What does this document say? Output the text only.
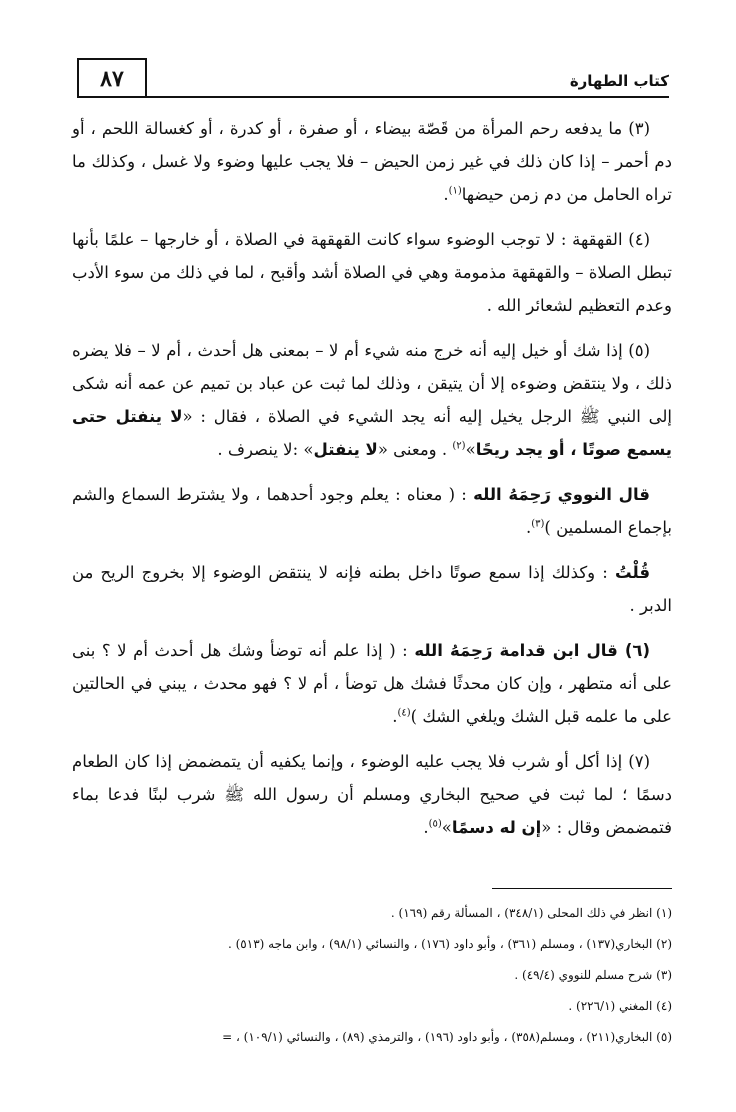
٨٧	كتاب الطهارة

(٣) ما يدفعه رحم المرأة من قَصّة بيضاء ، أو صفرة ، أو كدرة ، أو كغسالة اللحم ، أو دم أحمر – إذا كان ذلك في غير زمن الحيض – فلا يجب عليها وضوء ولا غسل ، وكذلك ما تراه الحامل من دم زمن حيضها$^{(١)}$.

(٤) القهقهة : لا توجب الوضوء سواء كانت القهقهة في الصلاة ، أو خارجها – علمًا بأنها تبطل الصلاة – والقهقهة مذمومة وهي في الصلاة أشد وأقبح ، لما في ذلك من سوء الأدب وعدم التعظيم لشعائر الله .

(٥) إذا شك أو خيل إليه أنه خرج منه شيء أم لا – بمعنى هل أحدث ، أم لا – فلا يضره ذلك ، ولا ينتقض وضوءه إلا أن يتيقن ، وذلك لما ثبت عن عباد بن تميم عن عمه أنه شكى إلى النبي ﷺ الرجل يخيل إليه أنه يجد الشيء في الصلاة ، فقال : «لا ينفتل حتى يسمع صوتًا ، أو يجد ريحًا»$^{(٢)}$ . ومعنى «لا ينفتل» :لا ينصرف .

قال النووي رَحِمَهُ الله : ( معناه : يعلم وجود أحدهما ، ولا يشترط السماع والشم بإجماع المسلمين )$^{(٣)}$.

قُلْتُ : وكذلك إذا سمع صوتًا داخل بطنه فإنه لا ينتقض الوضوء إلا بخروج الريح من الدبر .

(٦) قال ابن قدامة رَحِمَهُ الله : ( إذا علم أنه توضأ وشك هل أحدث أم لا ؟ بنى على أنه متطهر ، وإن كان محدثًا فشك هل توضأ ، أم لا ؟ فهو محدث ، يبني في الحالتين على ما علمه قبل الشك ويلغي الشك )$^{(٤)}$.

(٧) إذا أكل أو شرب فلا يجب عليه الوضوء ، وإنما يكفيه أن يتمضمض إذا كان الطعام دسمًا ؛ لما ثبت في صحيح البخاري ومسلم أن رسول الله ﷺ شرب لبنًا فدعا بماء فتمضمض وقال : «إن له دسمًا»$^{(٥)}$.

(١) انظر في ذلك المحلى (٣٤٨/١) ، المسألة رقم (١٦٩) .

(٢) البخاري(١٣٧) ، ومسلم (٣٦١) ، وأبو داود (١٧٦) ، والنسائي (٩٨/١) ، وابن ماجه (٥١٣) .

(٣) شرح مسلم للنووي (٤٩/٤) .

(٤) المغني (٢٢٦/١) .

(٥) البخاري(٢١١) ، ومسلم(٣٥٨) ، وأبو داود (١٩٦) ، والترمذي (٨٩) ، والنسائي (١٠٩/١) ، =
